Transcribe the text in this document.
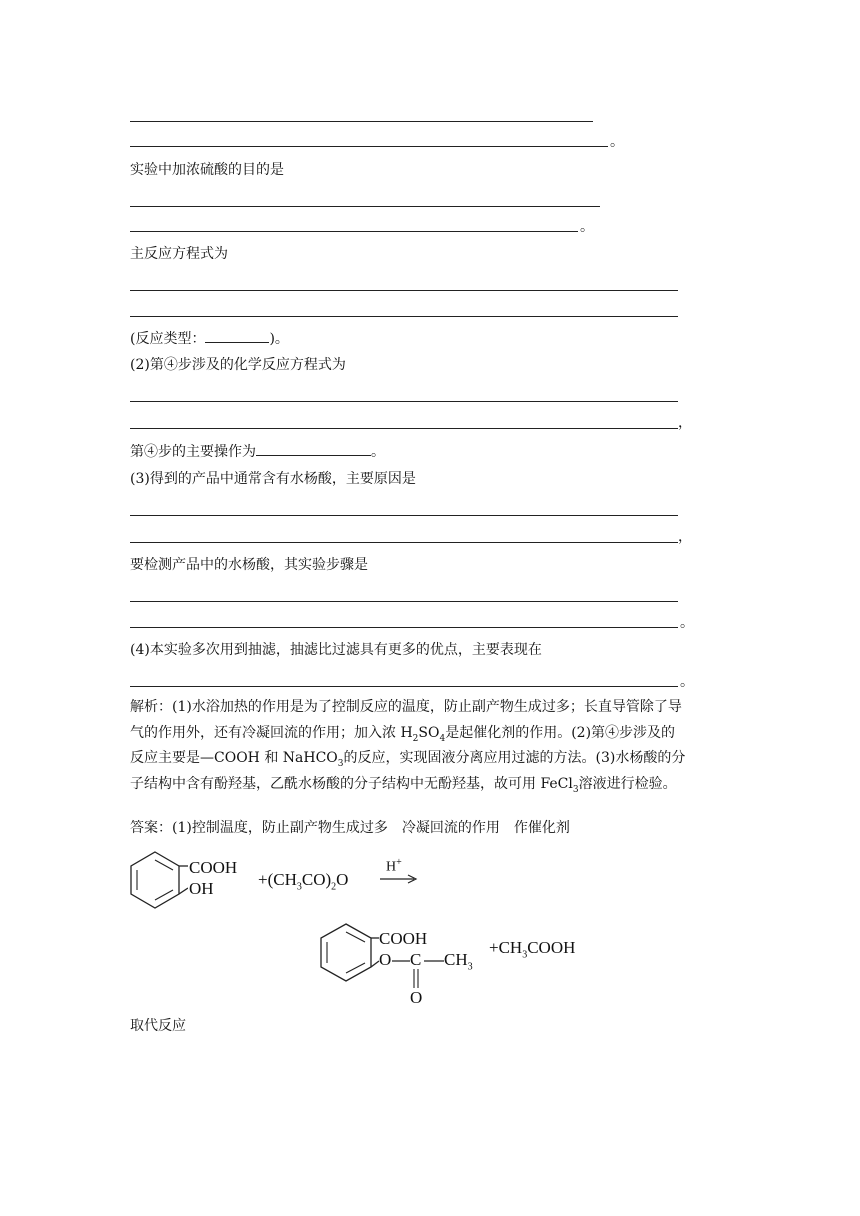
。
实验中加浓硫酸的目的是
。
主反应方程式为
(反应类型：	)。
(2)第④步涉及的化学反应方程式为
，
第④步的主要操作为	。
(3)得到的产品中通常含有水杨酸，主要原因是
，
要检测产品中的水杨酸，其实验步骤是
。
(4)本实验多次用到抽滤，抽滤比过滤具有更多的优点，主要表现在
。
解析：(1)水浴加热的作用是为了控制反应的温度，防止副产物生成过多；长直导管除了导气的作用外，还有冷凝回流的作用；加入浓 $H_2SO_4$是起催化剂的作用。(2)第④步涉及的反应主要是—COOH 和 NaHCO$_3$的反应，实现固液分离应用过滤的方法。(3)水杨酸的分子结构中含有酚羟基，乙酰水杨酸的分子结构中无酚羟基，故可用 FeCl$_3$溶液进行检验。
答案：(1)控制温度，防止副产物生成过多　冷凝回流的作用　作催化剂
COOH
OH	$+(CH_3CO)_2O$
H+
COOH
O C $CH_3$
O
$+CH_3COOH$
取代反应
